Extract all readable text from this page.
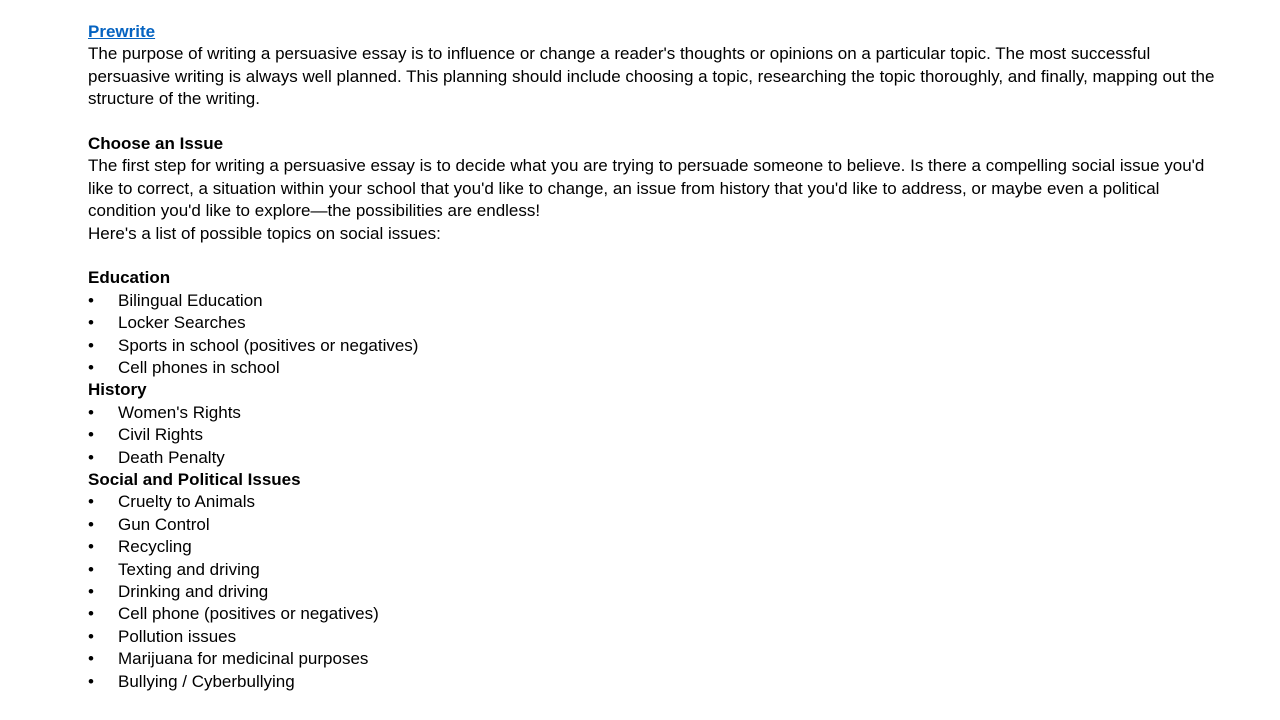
Prewrite

The purpose of writing a persuasive essay is to influence or change a reader's thoughts or opinions on a particular topic. The most successful persuasive writing is always well planned. This planning should include choosing a topic, researching the topic thoroughly, and finally, mapping out the structure of the writing.

Choose an Issue

The first step for writing a persuasive essay is to decide what you are trying to persuade someone to believe. Is there a compelling social issue you'd like to correct, a situation within your school that you'd like to change, an issue from history that you'd like to address, or maybe even a political condition you'd like to explore—the possibilities are endless!

Here's a list of possible topics on social issues:

Education
• Bilingual Education
• Locker Searches
• Sports in school (positives or negatives)
• Cell phones in school
History
• Women's Rights
• Civil Rights
• Death Penalty
Social and Political Issues
• Cruelty to Animals
• Gun Control
• Recycling
• Texting and driving
• Drinking and driving
• Cell phone (positives or negatives)
• Pollution issues
• Marijuana for medicinal purposes
• Bullying / Cyberbullying
